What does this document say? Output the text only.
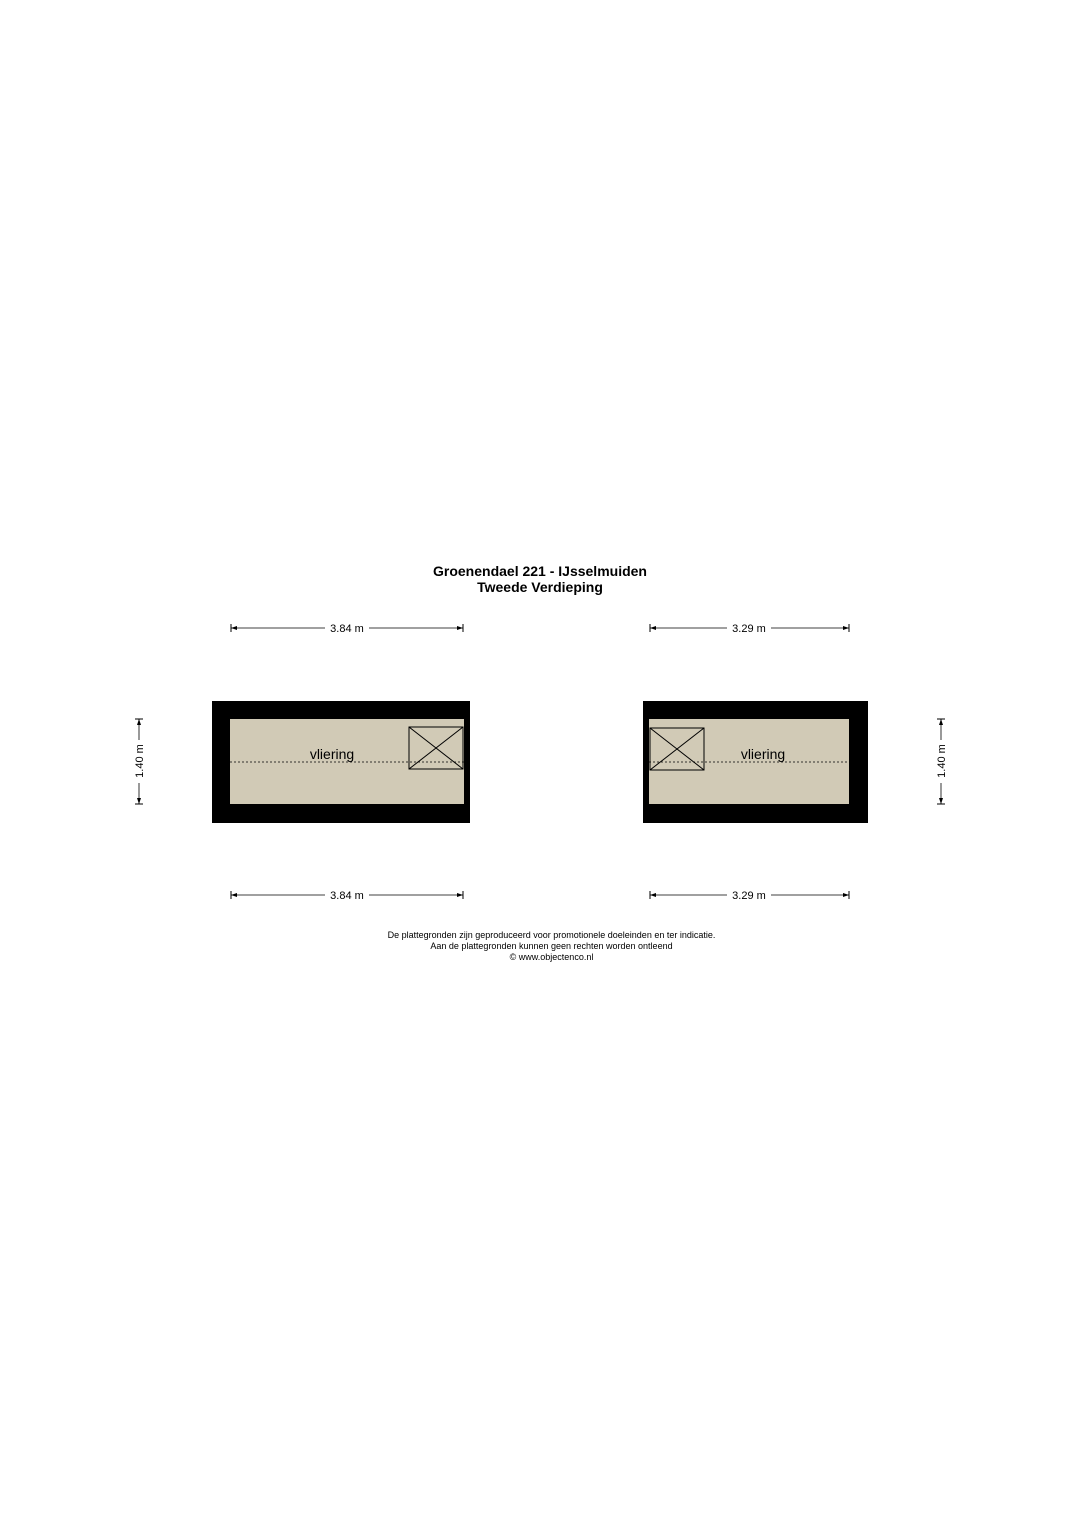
Groenendael 221 - IJsselmuiden
Tweede Verdieping
vliering	vliering
3.84 m	3.29 m
3.84 m	3.29 m
1.40 m	1.40 m
De plattegronden zijn geproduceerd voor promotionele doeleinden en ter indicatie.
Aan de plattegronden kunnen geen rechten worden ontleend
© www.objectenco.nl
